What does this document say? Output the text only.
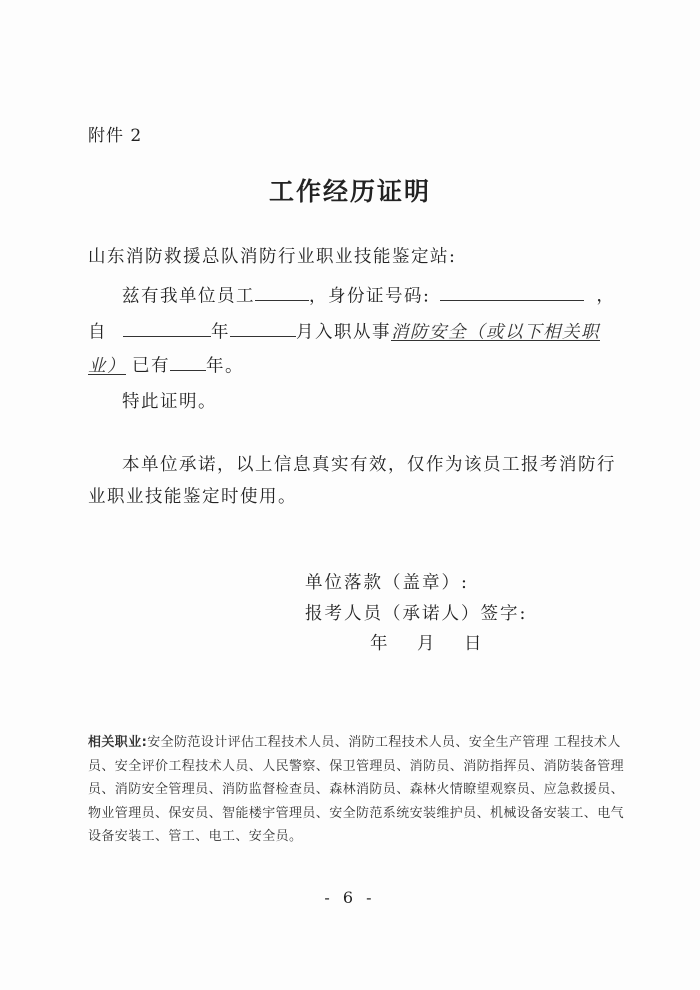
附件 2
工作经历证明
山东消防救援总队消防行业职业技能鉴定站:
兹有我单位员工	，身份证号码:	，
自	年	月入职从事消防安全（或以下相关职
业） 已有 年。
特此证明。
本单位承诺，以上信息真实有效，仅作为该员工报考消防行
业职业技能鉴定时使用。
单位落款（盖章）:
报考人员（承诺人）签字:
年　月　日
相关职业:安全防范设计评估工程技术人员、消防工程技术人员、安全生产管理 工程技术人员、安全评价工程技术人员、人民警察、保卫管理员、消防员、消防指挥员、消防装备管理员、消防安全管理员、消防监督检查员、森林消防员、森林火情瞭望观察员、应急救援员、物业管理员、保安员、智能楼宇管理员、安全防范系统安装维护员、机械设备安装工、电气设备安装工、管工、电工、安全员。
- 6 -
